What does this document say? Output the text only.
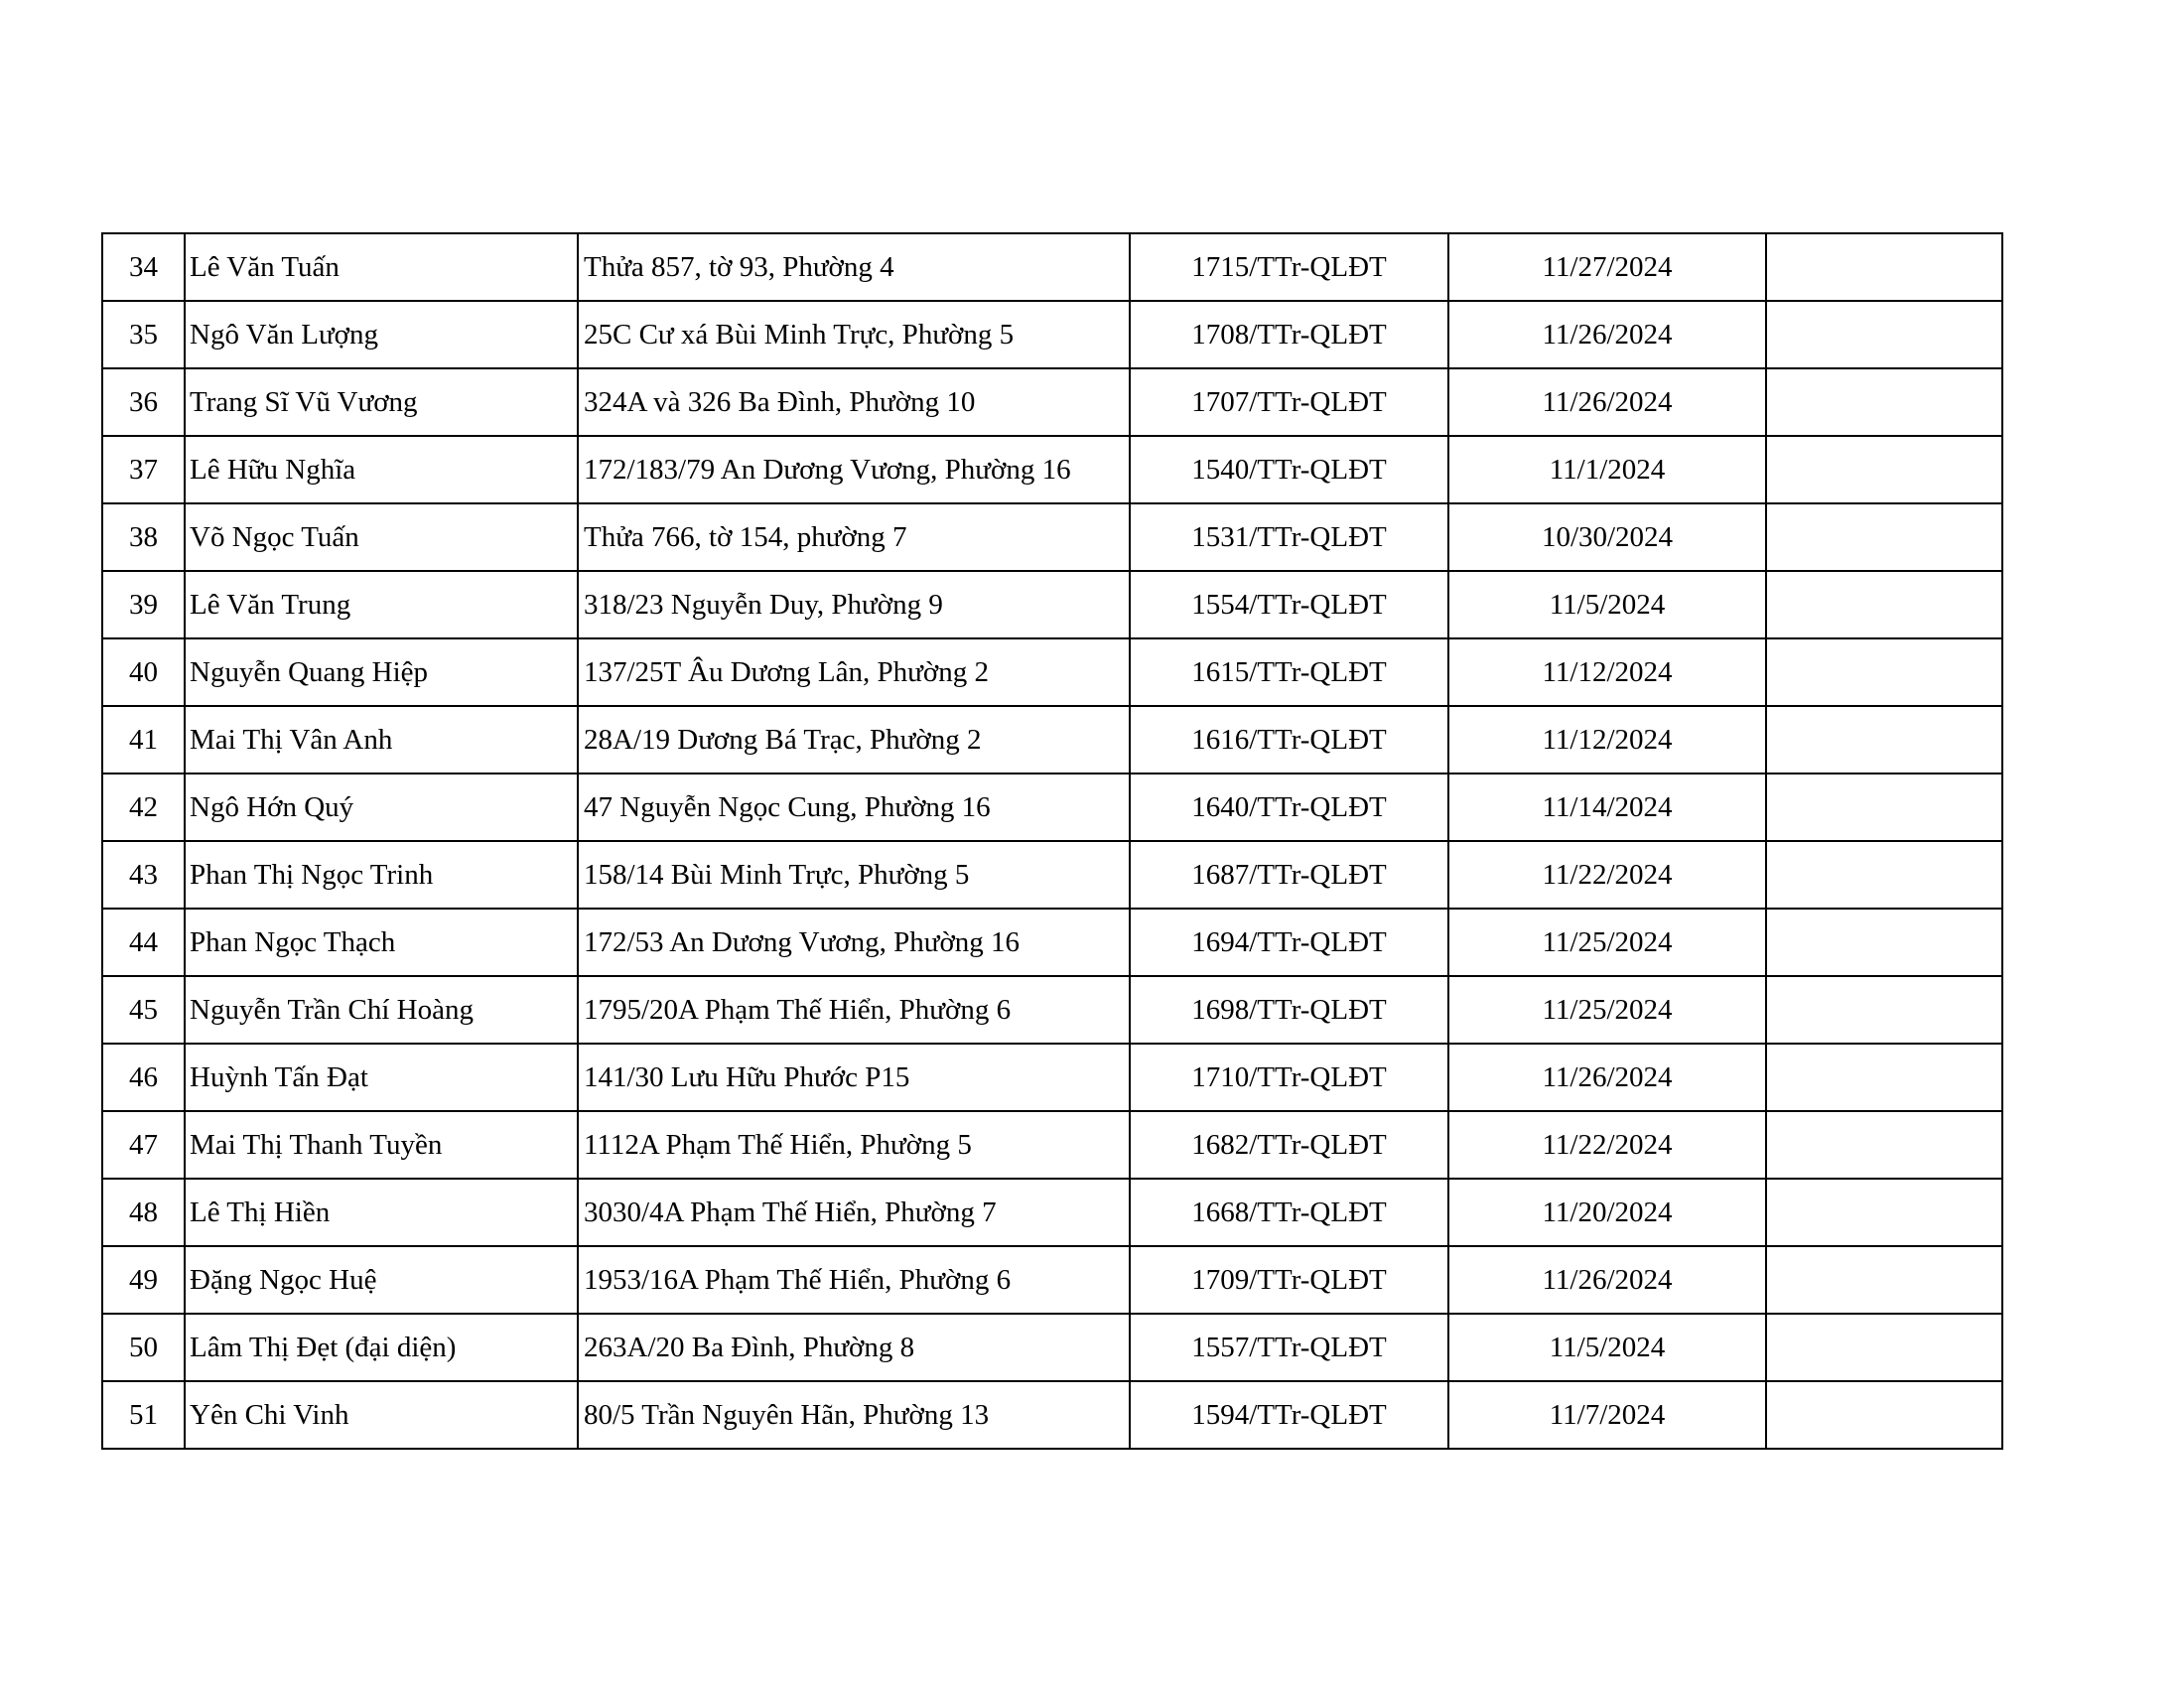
34	Lê Văn Tuấn	Thửa 857, tờ 93, Phường 4	1715/TTr-QLĐT	11/27/2024	
35	Ngô Văn Lượng	25C Cư xá Bùi Minh Trực, Phường 5	1708/TTr-QLĐT	11/26/2024	
36	Trang Sĩ Vũ Vương	324A và 326 Ba Đình, Phường 10	1707/TTr-QLĐT	11/26/2024	
37	Lê Hữu Nghĩa	172/183/79 An Dương Vương, Phường 16	1540/TTr-QLĐT	11/1/2024	
38	Võ Ngọc Tuấn	Thửa 766, tờ 154, phường 7	1531/TTr-QLĐT	10/30/2024	
39	Lê Văn Trung	318/23 Nguyễn Duy, Phường 9	1554/TTr-QLĐT	11/5/2024	
40	Nguyễn Quang Hiệp	137/25T Âu Dương Lân, Phường 2	1615/TTr-QLĐT	11/12/2024	
41	Mai Thị Vân Anh	28A/19 Dương Bá Trạc, Phường 2	1616/TTr-QLĐT	11/12/2024	
42	Ngô Hớn Quý	47 Nguyễn Ngọc Cung, Phường 16	1640/TTr-QLĐT	11/14/2024	
43	Phan Thị Ngọc Trinh	158/14 Bùi Minh Trực, Phường 5	1687/TTr-QLĐT	11/22/2024	
44	Phan Ngọc Thạch	172/53 An Dương Vương, Phường 16	1694/TTr-QLĐT	11/25/2024	
45	Nguyễn Trần Chí Hoàng	1795/20A Phạm Thế Hiển, Phường 6	1698/TTr-QLĐT	11/25/2024	
46	Huỳnh Tấn Đạt	141/30 Lưu Hữu Phước P15	1710/TTr-QLĐT	11/26/2024	
47	Mai Thị Thanh Tuyền	1112A Phạm Thế Hiển, Phường 5	1682/TTr-QLĐT	11/22/2024	
48	Lê Thị Hiền	3030/4A Phạm Thế Hiển, Phường 7	1668/TTr-QLĐT	11/20/2024	
49	Đặng Ngọc Huệ	1953/16A Phạm Thế Hiển, Phường 6	1709/TTr-QLĐT	11/26/2024	
50	Lâm Thị Đẹt (đại diện)	263A/20 Ba Đình, Phường 8	1557/TTr-QLĐT	11/5/2024	
51	Yên Chi Vinh	80/5 Trần Nguyên Hãn, Phường 13	1594/TTr-QLĐT	11/7/2024	
